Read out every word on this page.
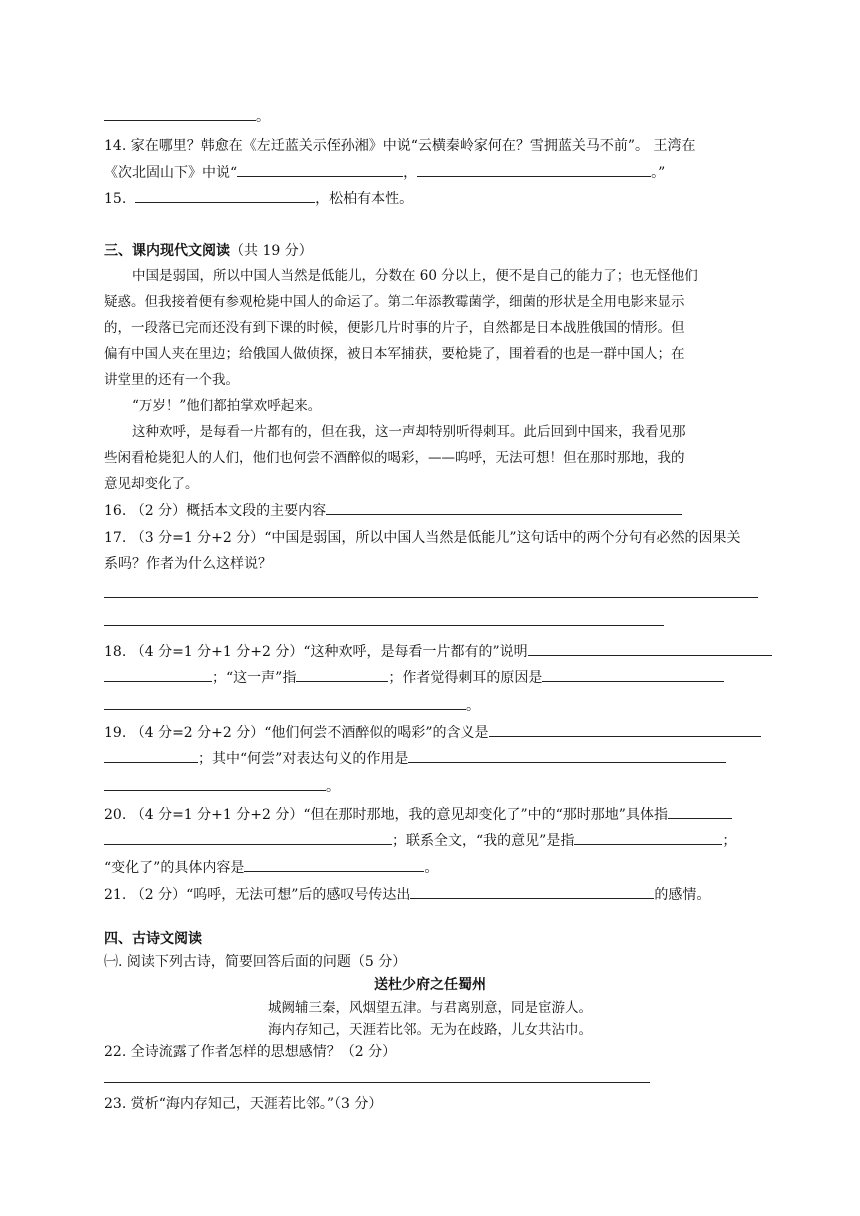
。
14. 家在哪里？韩愈在《左迁蓝关示侄孙湘》中说“云横秦岭家何在？雪拥蓝关马不前”。 王湾在
《次北固山下》中说“	，	。”
15.	，松柏有本性。
三、课内现代文阅读（共 19 分）
中国是弱国，所以中国人当然是低能儿，分数在 60 分以上，便不是自己的能力了；也无怪他们
疑惑。但我接着便有参观枪毙中国人的命运了。第二年添教霉菌学，细菌的形状是全用电影来显示
的，一段落已完而还没有到下课的时候，便影几片时事的片子，自然都是日本战胜俄国的情形。但
偏有中国人夹在里边；给俄国人做侦探，被日本军捕获，要枪毙了，围着看的也是一群中国人；在
讲堂里的还有一个我。
“万岁！”他们都拍掌欢呼起来。
这种欢呼，是每看一片都有的，但在我，这一声却特别听得刺耳。此后回到中国来，我看见那
些闲看枪毙犯人的人们，他们也何尝不酒醉似的喝彩，——呜呼，无法可想！但在那时那地，我的
意见却变化了。
16. （2 分）概括本文段的主要内容
17. （3 分=1 分+2 分）“中国是弱国，所以中国人当然是低能儿”这句话中的两个分句有必然的因果关
系吗？作者为什么这样说？
18. （4 分=1 分+1 分+2 分）“这种欢呼，是每看一片都有的”说明
；“这一声”指	；作者觉得刺耳的原因是
。
19. （4 分=2 分+2 分）“他们何尝不酒醉似的喝彩”的含义是
；其中“何尝”对表达句义的作用是
。
20. （4 分=1 分+1 分+2 分）“但在那时那地，我的意见却变化了”中的“那时那地”具体指
；联系全文，“我的意见”是指	；
“变化了”的具体内容是	。
21. （2 分）“呜呼，无法可想”后的感叹号传达出	的感情。
四、古诗文阅读
㈠. 阅读下列古诗，简要回答后面的问题（5 分）
送杜少府之任蜀州
城阙辅三秦，风烟望五津。与君离别意，同是宦游人。
海内存知己，天涯若比邻。无为在歧路，儿女共沾巾。
22. 全诗流露了作者怎样的思想感情？（2 分）
23. 赏析“海内存知己，天涯若比邻。”（3 分）
